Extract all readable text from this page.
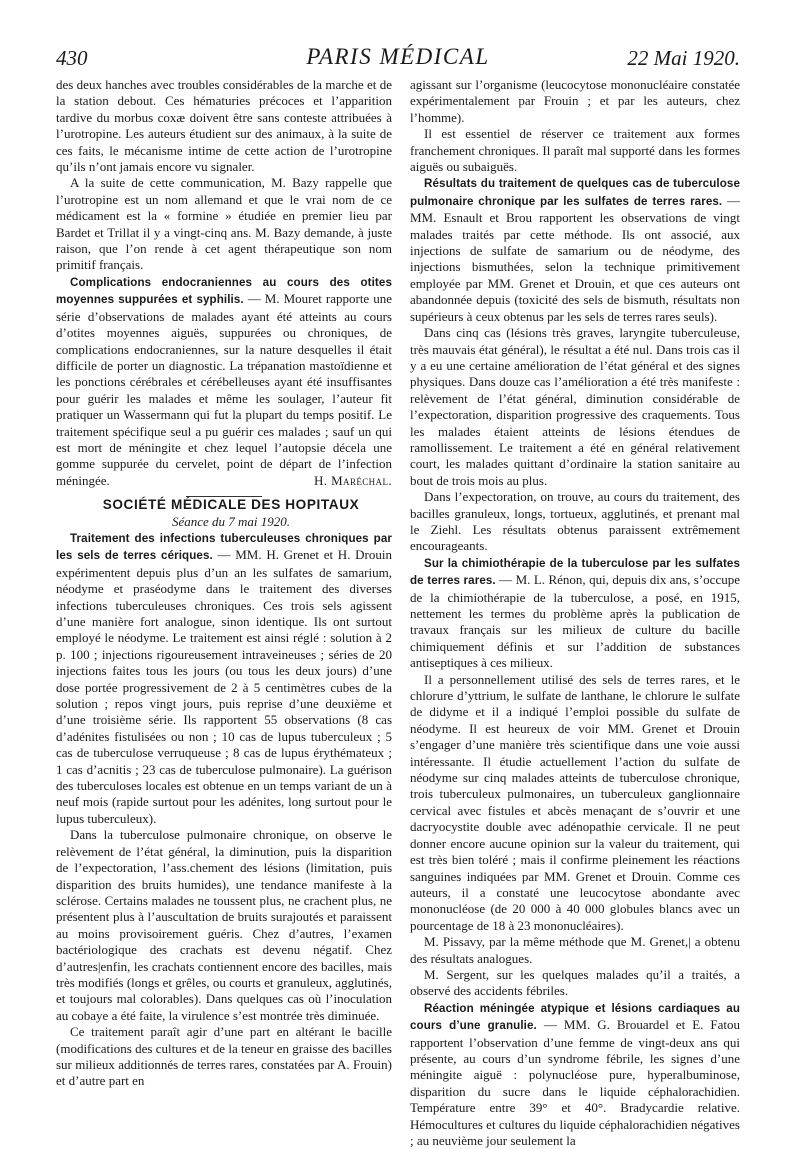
430	PARIS MÉDICAL	22 Mai 1920.

des deux hanches avec troubles considérables de la marche et de la station debout. Ces hématuries précoces et l’apparition tardive du morbus coxæ doivent être sans conteste attribuées à l’urotropine. Les auteurs étudient sur des animaux, à la suite de ces faits, le mécanisme intime de cette action de l’urotropine qu’ils n’ont jamais encore vu signaler.

A la suite de cette communication, M. Bazy rappelle que l’urotropine est un nom allemand et que le vrai nom de ce médicament est la « formine » étudiée en premier lieu par Bardet et Trillat il y a vingt-cinq ans. M. Bazy demande, à juste raison, que l’on rende à cet agent thérapeutique son nom primitif français.

Complications endocraniennes au cours des otites moyennes suppurées et syphilis. — M. Mouret rapporte une série d’observations de malades ayant été atteints au cours d’otites moyennes aiguës, suppurées ou chroniques, de complications endocraniennes, sur la nature desquelles il était difficile de porter un diagnostic. La trépanation mastoïdienne et les ponctions cérébrales et cérébelleuses ayant été insuffisantes pour guérir les malades et même les soulager, l’auteur fit pratiquer un Wassermann qui fut la plupart du temps positif. Le traitement spécifique seul a pu guérir ces malades ; sauf un qui est mort de méningite et chez lequel l’autopsie décela une gomme suppurée du cervelet, point de départ de l’infection méningée.	H. Maréchal.

SOCIÉTÉ MÉDICALE DES HOPITAUX

Séance du 7 mai 1920.

Traitement des infections tuberculeuses chroniques par les sels de terres cériques. — MM. H. Grenet et H. Drouin expérimentent depuis plus d’un an les sulfates de samarium, néodyme et praséodyme dans le traitement des diverses infections tuberculeuses chroniques. Ces trois sels agissent d’une manière fort analogue, sinon identique. Ils ont surtout employé le néodyme. Le traitement est ainsi réglé : solution à 2 p. 100 ; injections rigoureusement intraveineuses ; séries de 20 injections faites tous les jours (ou tous les deux jours) d’une dose portée progressivement de 2 à 5 centimètres cubes de la solution ; repos vingt jours, puis reprise d’une deuxième et d’une troisième série. Ils rapportent 55 observations (8 cas d’adénites fistulisées ou non ; 10 cas de lupus tuberculeux ; 5 cas de tuberculose verruqueuse ; 8 cas de lupus érythémateux ; 1 cas d’acnitis ; 23 cas de tuberculose pulmonaire). La guérison des tuberculoses locales est obtenue en un temps variant de un à neuf mois (rapide surtout pour les adénites, long surtout pour le lupus tuberculeux).

Dans la tuberculose pulmonaire chronique, on observe le relèvement de l’état général, la diminution, puis la disparition de l’expectoration, l’ass.chement des lésions (limitation, puis disparition des bruits humides), une tendance manifeste à la sclérose. Certains malades ne toussent plus, ne crachent plus, ne présentent plus à l’auscultation de bruits surajoutés et paraissent au moins provisoirement guéris. Chez d’autres, l’examen bactériologique des crachats est devenu négatif. Chez d’autres|enfin, les crachats contiennent encore des bacilles, mais très modifiés (longs et grêles, ou courts et granuleux, agglutinés, et toujours mal colorables). Dans quelques cas où l’inoculation au cobaye a été faite, la virulence s’est montrée très diminuée.

Ce traitement paraît agir d’une part en altérant le bacille (modifications des cultures et de la teneur en graisse des bacilles sur milieux additionnés de terres rares, constatées par A. Frouin) et d’autre part en

agissant sur l’organisme (leucocytose mononucléaire constatée expérimentalement par Frouin ; et par les auteurs, chez l’homme).

Il est essentiel de réserver ce traitement aux formes franchement chroniques. Il paraît mal supporté dans les formes aiguës ou subaiguës.

Résultats du traitement de quelques cas de tuberculose pulmonaire chronique par les sulfates de terres rares. — MM. Esnault et Brou rapportent les observations de vingt malades traités par cette méthode. Ils ont associé, aux injections de sulfate de samarium ou de néodyme, des injections bismuthées, selon la technique primitivement employée par MM. Grenet et Drouin, et que ces auteurs ont abandonnée depuis (toxicité des sels de bismuth, résultats non supérieurs à ceux obtenus par les sels de terres rares seuls).

Dans cinq cas (lésions très graves, laryngite tuberculeuse, très mauvais état général), le résultat a été nul. Dans trois cas il y a eu une certaine amélioration de l’état général et des signes physiques. Dans douze cas l’amélioration a été très manifeste : relèvement de l’état général, diminution considérable de l’expectoration, disparition progressive des craquements. Tous les malades étaient atteints de lésions étendues de ramollissement. Le traitement a été en général relativement court, les malades quittant d’ordinaire la station sanitaire au bout de trois mois au plus.

Dans l’expectoration, on trouve, au cours du traitement, des bacilles granuleux, longs, tortueux, agglutinés, et prenant mal le Ziehl. Les résultats obtenus paraissent extrêmement encourageants.

Sur la chimiothérapie de la tuberculose par les sulfates de terres rares. — M. L. Rénon, qui, depuis dix ans, s’occupe de la chimiothérapie de la tuberculose, a posé, en 1915, nettement les termes du problème après la publication de travaux français sur les milieux de culture du bacille chimiquement définis et sur l’addition de substances antiseptiques à ces milieux.

Il a personnellement utilisé des sels de terres rares, et le chlorure d’yttrium, le sulfate de lanthane, le chlorure le sulfate de didyme et il a indiqué l’emploi possible du sulfate de néodyme. Il est heureux de voir MM. Grenet et Drouin s’engager d’une manière très scientifique dans une voie aussi intéressante. Il étudie actuellement l’action du sulfate de néodyme sur cinq malades atteints de tuberculose chronique, trois tuberculeux pulmonaires, un tuberculeux ganglionnaire cervical avec fistules et abcès menaçant de s’ouvrir et une dacryocystite double avec adénopathie cervicale. Il ne peut donner encore aucune opinion sur la valeur du traitement, qui est très bien toléré ; mais il confirme pleinement les réactions sanguines indiquées par MM. Grenet et Drouin. Comme ces auteurs, il a constaté une leucocytose abondante avec mononucléose (de 20 000 à 40 000 globules blancs avec un pourcentage de 18 à 23 mononucléaires).

M. Pissavy, par la même méthode que M. Grenet,| a obtenu des résultats analogues.

M. Sergent, sur les quelques malades qu’il a traités, a observé des accidents fébriles.

Réaction méningée atypique et lésions cardiaques au cours d’une granulie. — MM. G. Brouardel et E. Fatou rapportent l’observation d’une femme de vingt-deux ans qui présente, au cours d’un syndrome fébrile, les signes d’une méningite aiguë : polynucléose pure, hyperalbuminose, disparition du sucre dans le liquide céphalorachidien. Température entre 39° et 40°. Bradycardie relative. Hémocultures et cultures du liquide céphalorachidien négatives ; au neuvième jour seulement la
